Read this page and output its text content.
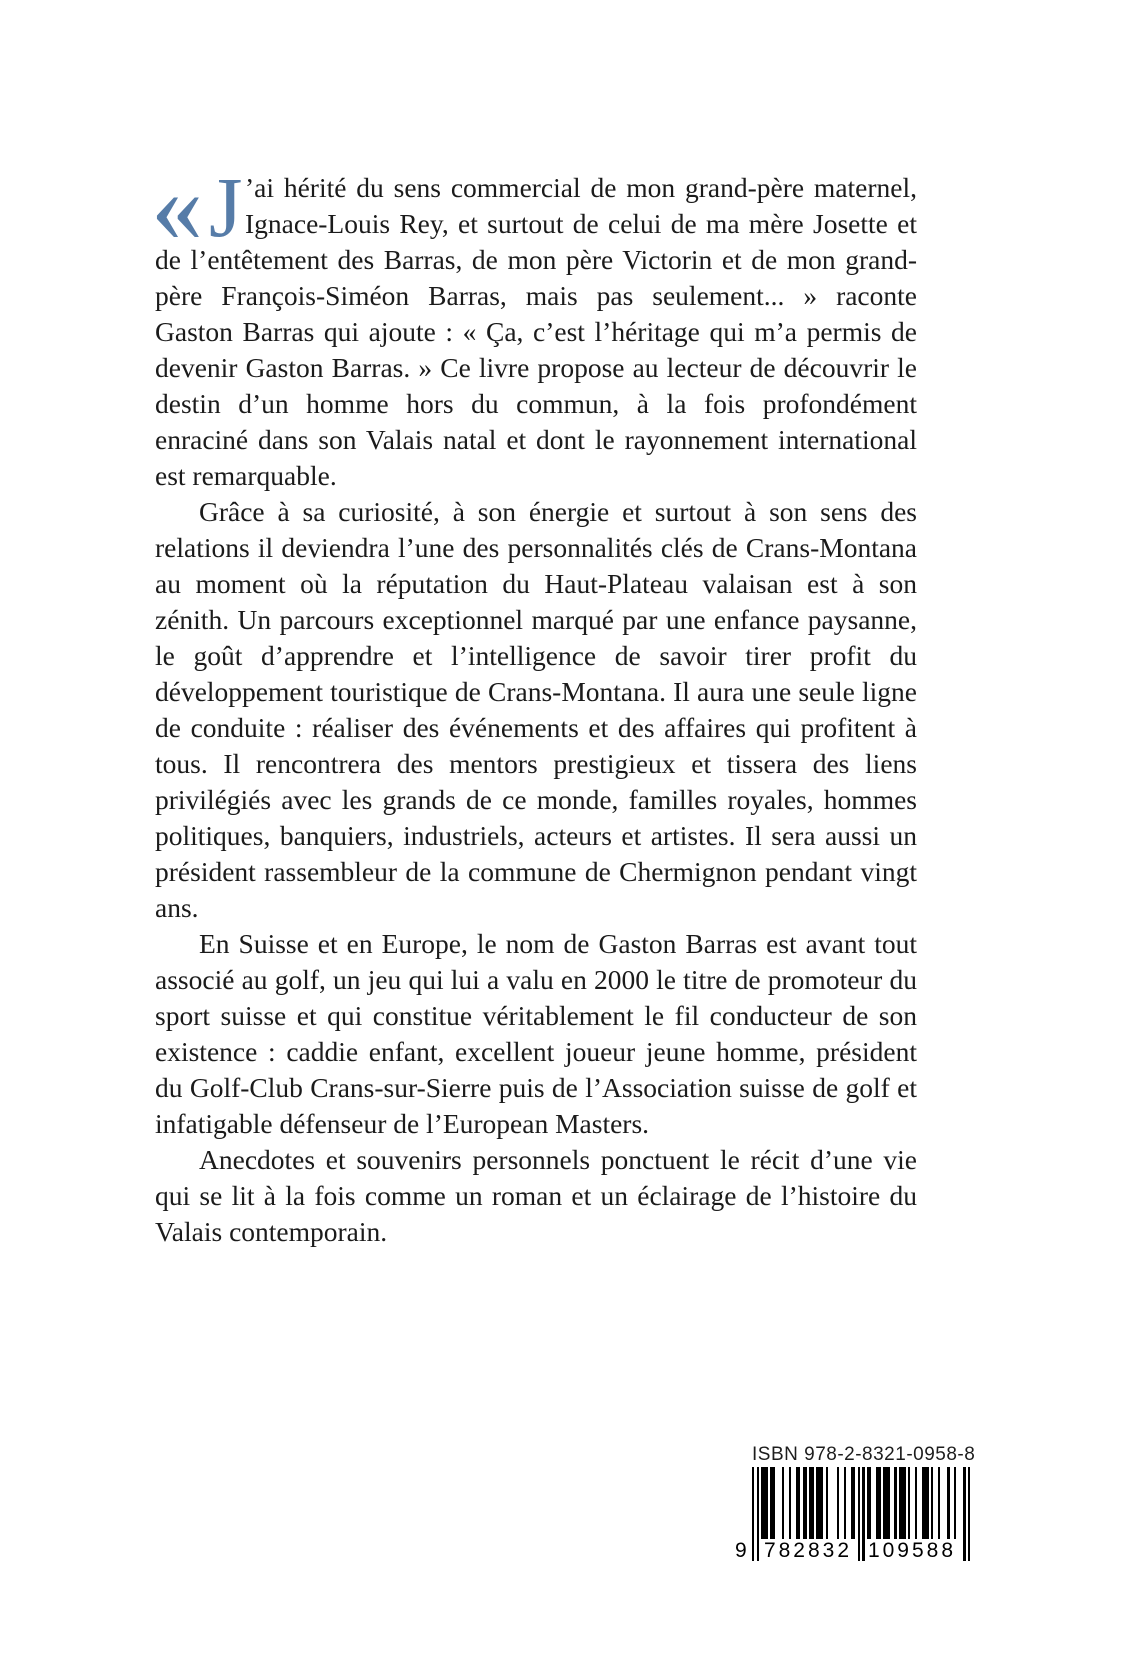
« J ’ai hérité du sens commercial de mon grand-père maternel, Ignace-Louis Rey, et surtout de celui de ma mère Josette et de l’entêtement des Barras, de mon père Victorin et de mon grand-père François-Siméon Barras, mais pas seulement... » raconte Gaston Barras qui ajoute : « Ça, c’est l’héritage qui m’a permis de devenir Gaston Barras. » Ce livre propose au lecteur de découvrir le destin d’un homme hors du commun, à la fois profondément enraciné dans son Valais natal et dont le rayonnement international est remarquable.

Grâce à sa curiosité, à son énergie et surtout à son sens des relations il deviendra l’une des personnalités clés de Crans-Montana au moment où la réputation du Haut-Plateau valaisan est à son zénith. Un parcours exceptionnel marqué par une enfance paysanne, le goût d’apprendre et l’intelligence de savoir tirer profit du développement touristique de Crans-Montana. Il aura une seule ligne de conduite : réaliser des événements et des affaires qui profitent à tous. Il rencontrera des mentors prestigieux et tissera des liens privilégiés avec les grands de ce monde, familles royales, hommes politiques, banquiers, industriels, acteurs et artistes. Il sera aussi un président rassembleur de la commune de Chermignon pendant vingt ans.

En Suisse et en Europe, le nom de Gaston Barras est avant tout associé au golf, un jeu qui lui a valu en 2000 le titre de promoteur du sport suisse et qui constitue véritablement le fil conducteur de son existence : caddie enfant, excellent joueur jeune homme, président du Golf-Club Crans-sur-Sierre puis de l’Association suisse de golf et infatigable défenseur de l’European Masters.

Anecdotes et souvenirs personnels ponctuent le récit d’une vie qui se lit à la fois comme un roman et un éclairage de l’histoire du Valais contemporain.

ISBN 978-2-8321-0958-8
9 782832 109588
